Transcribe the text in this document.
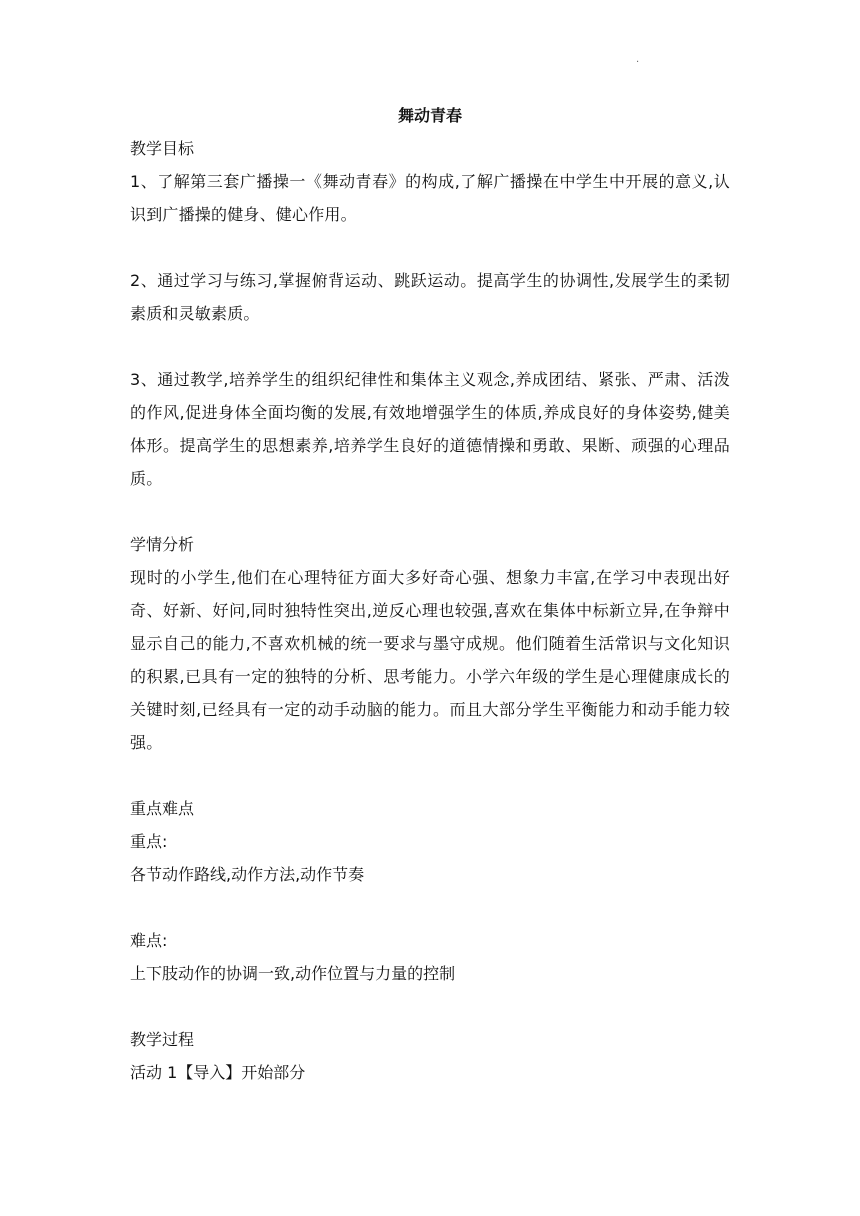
.
舞动青春
教学目标
1、了解第三套广播操一《舞动青春》的构成,了解广播操在中学生中开展的意义,认识到广播操的健身、健心作用。
2、通过学习与练习,掌握俯背运动、跳跃运动。提高学生的协调性,发展学生的柔韧素质和灵敏素质。
3、通过教学,培养学生的组织纪律性和集体主义观念,养成团结、紧张、严肃、活泼的作风,促进身体全面均衡的发展,有效地增强学生的体质,养成良好的身体姿势,健美体形。提高学生的思想素养,培养学生良好的道德情操和勇敢、果断、顽强的心理品质。
学情分析
现时的小学生,他们在心理特征方面大多好奇心强、想象力丰富,在学习中表现出好奇、好新、好问,同时独特性突出,逆反心理也较强,喜欢在集体中标新立异,在争辩中显示自己的能力,不喜欢机械的统一要求与墨守成规。他们随着生活常识与文化知识的积累,已具有一定的独特的分析、思考能力。小学六年级的学生是心理健康成长的关键时刻,已经具有一定的动手动脑的能力。而且大部分学生平衡能力和动手能力较强。
重点难点
重点:
各节动作路线,动作方法,动作节奏
难点:
上下肢动作的协调一致,动作位置与力量的控制
教学过程
活动 1【导入】开始部分
